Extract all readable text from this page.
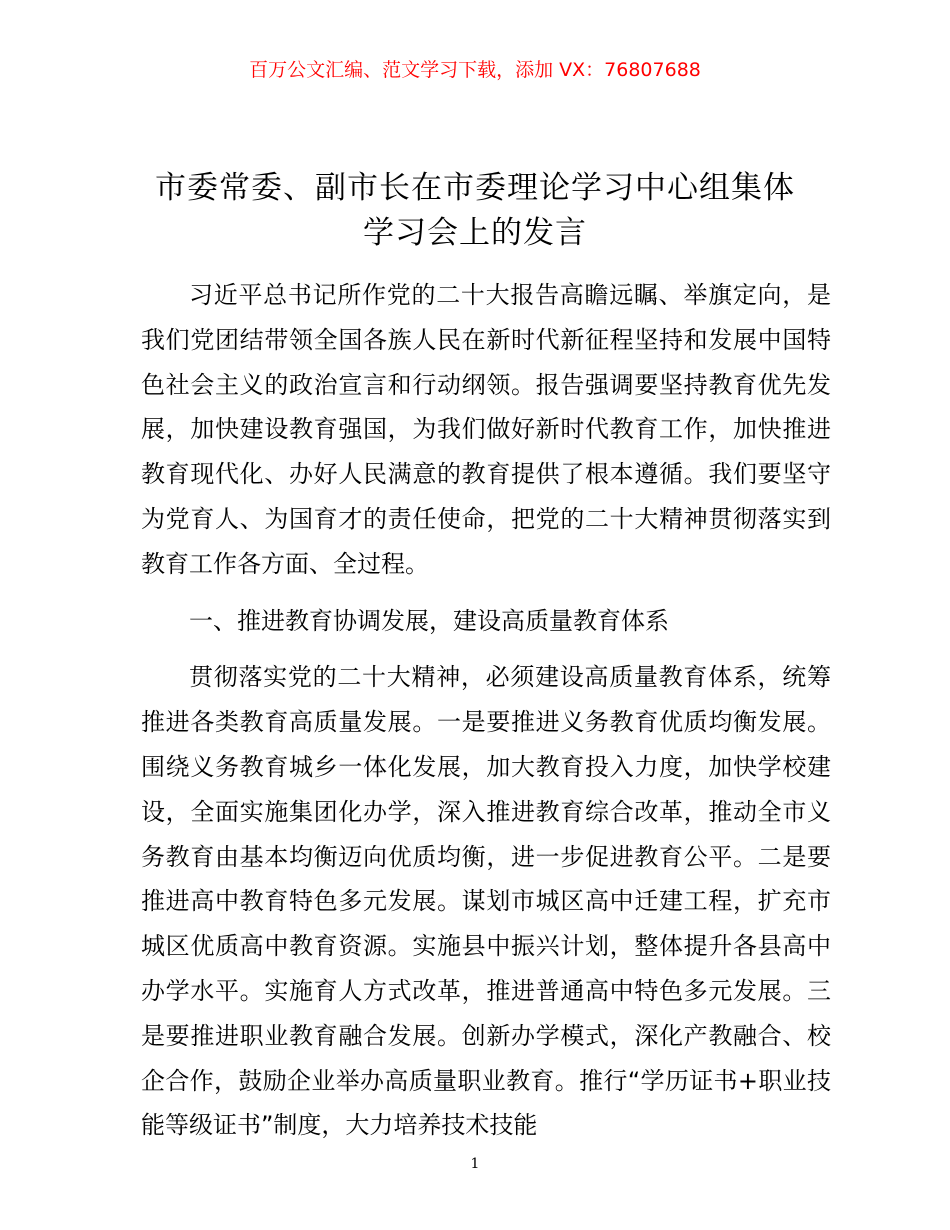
百万公文汇编、范文学习下载，添加 VX：76807688
市委常委、副市长在市委理论学习中心组集体
学习会上的发言

习近平总书记所作党的二十大报告高瞻远瞩、举旗定向，是我们党团结带领全国各族人民在新时代新征程坚持和发展中国特色社会主义的政治宣言和行动纲领。报告强调要坚持教育优先发展，加快建设教育强国，为我们做好新时代教育工作，加快推进教育现代化、办好人民满意的教育提供了根本遵循。我们要坚守为党育人、为国育才的责任使命，把党的二十大精神贯彻落实到教育工作各方面、全过程。

一、推进教育协调发展，建设高质量教育体系

贯彻落实党的二十大精神，必须建设高质量教育体系，统筹推进各类教育高质量发展。一是要推进义务教育优质均衡发展。围绕义务教育城乡一体化发展，加大教育投入力度，加快学校建设，全面实施集团化办学，深入推进教育综合改革，推动全市义务教育由基本均衡迈向优质均衡，进一步促进教育公平。二是要推进高中教育特色多元发展。谋划市城区高中迁建工程，扩充市城区优质高中教育资源。实施县中振兴计划，整体提升各县高中办学水平。实施育人方式改革，推进普通高中特色多元发展。三是要推进职业教育融合发展。创新办学模式，深化产教融合、校企合作，鼓励企业举办高质量职业教育。推行“学历证书+职业技能等级证书”制度，大力培养技术技能

1
